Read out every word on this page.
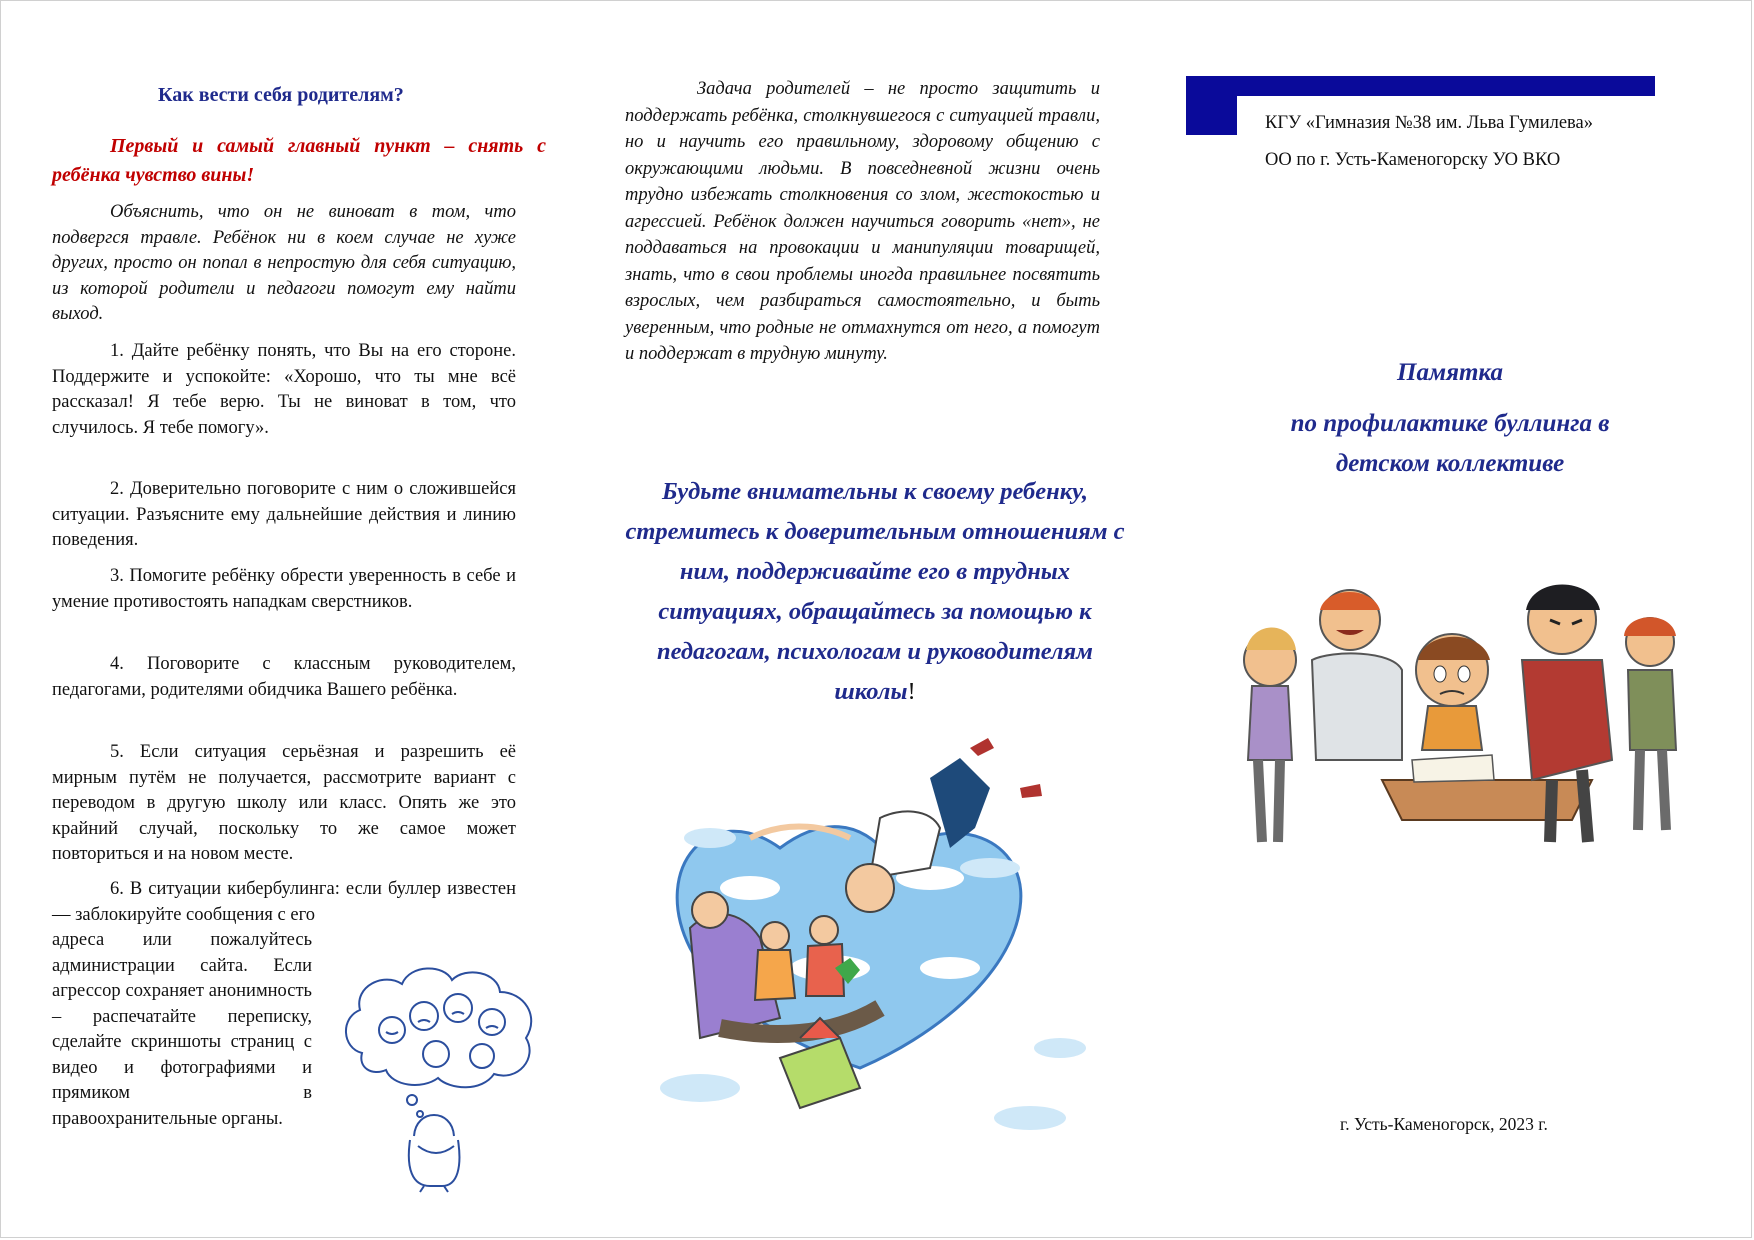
Как вести себя родителям?

Первый и самый главный пункт – снять с ребёнка чувство вины!

Объяснить, что он не виноват в том, что подвергся травле. Ребёнок ни в коем случае не хуже других, просто он попал в непростую для себя ситуацию, из которой родители и педагоги помогут ему найти выход.

1. Дайте ребёнку понять, что Вы на его стороне. Поддержите и успокойте: «Хорошо, что ты мне всё рассказал! Я тебе верю. Ты не виноват в том, что случилось. Я тебе помогу».

2. Доверительно поговорите с ним о сложившейся ситуации. Разъясните ему дальнейшие действия и линию поведения.

3. Помогите ребёнку обрести уверенность в себе и умение противостоять нападкам сверстников.

4. Поговорите с классным руководителем, педагогами, родителями обидчика Вашего ребёнка.

5. Если ситуация серьёзная и разрешить её мирным путём не получается, рассмотрите вариант с переводом в другую школу или класс. Опять же это крайний случай, поскольку то же самое может повториться и на новом месте.

6. В ситуации кибербулинга: если буллер известен — заблокируйте сообщения с его

адреса или пожалуйтесь администрации сайта. Если агрессор сохраняет анонимность – распечатайте переписку, сделайте скриншоты страниц с видео и фотографиями и прямиком в правоохранительные органы.

Задача родителей – не просто защитить и поддержать ребёнка, столкнувшегося с ситуацией травли, но и научить его правильному, здоровому общению с окружающими людьми. В повседневной жизни очень трудно избежать столкновения со злом, жестокостью и агрессией. Ребёнок должен научиться говорить «нет», не поддаваться на провокации и манипуляции товарищей, знать, что в свои проблемы иногда правильнее посвятить взрослых, чем разбираться самостоятельно, и быть уверенным, что родные не отмахнутся от него, а помогут и поддержат в трудную минуту.

Будьте внимательны к своему ребенку, стремитесь к доверительным отношениям с ним, поддерживайте его в трудных ситуациях, обращайтесь за помощью к педагогам, психологам и руководителям школы!

КГУ «Гимназия №38 им. Льва Гумилева»
ОО по г. Усть-Каменогорску УО ВКО
Памятка
по профилактике буллинга в
детском коллективе
г. Усть-Каменогорск, 2023 г.
